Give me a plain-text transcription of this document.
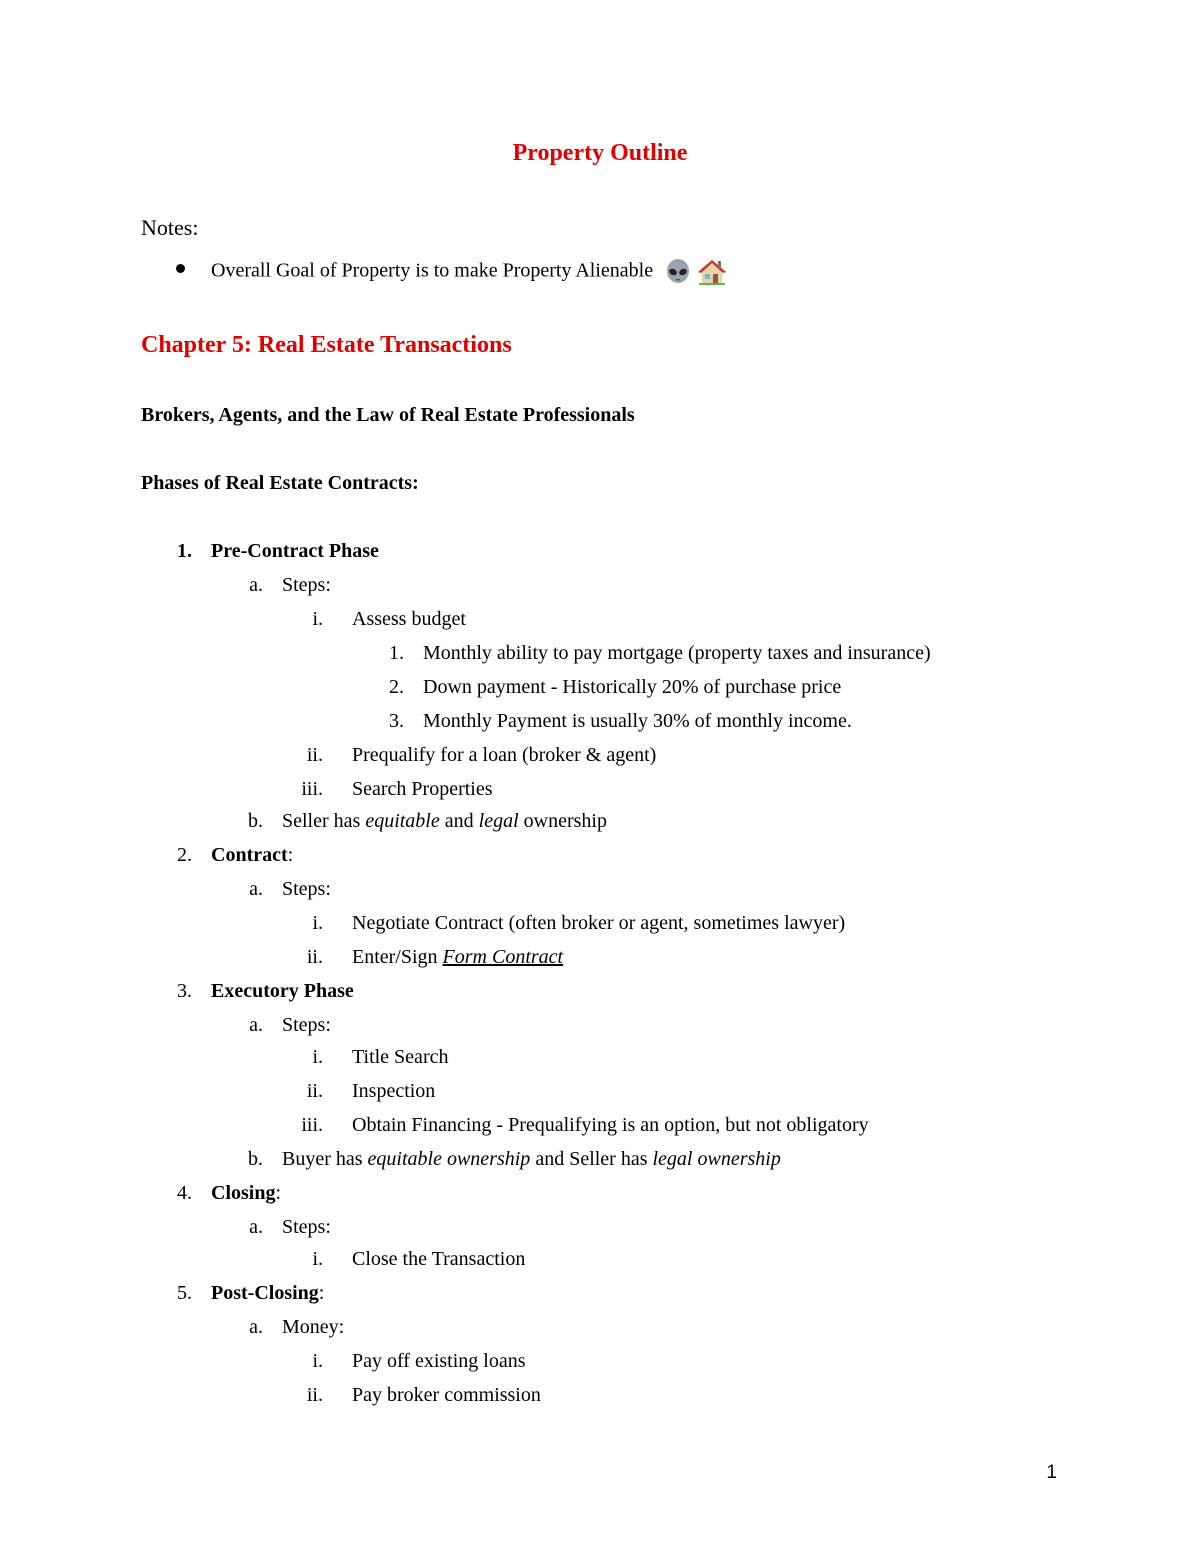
Property Outline
Notes:
Overall Goal of Property is to make Property Alienable
Chapter 5: Real Estate Transactions
Brokers, Agents, and the Law of Real Estate Professionals
Phases of Real Estate Contracts:
1. Pre-Contract Phase
a. Steps:
i. Assess budget
1. Monthly ability to pay mortgage (property taxes and insurance)
2. Down payment - Historically 20% of purchase price
3. Monthly Payment is usually 30% of monthly income.
ii. Prequalify for a loan (broker & agent)
iii. Search Properties
b. Seller has equitable and legal ownership
2. Contract:
a. Steps:
i. Negotiate Contract (often broker or agent, sometimes lawyer)
ii. Enter/Sign Form Contract
3. Executory Phase
a. Steps:
i. Title Search
ii. Inspection
iii. Obtain Financing - Prequalifying is an option, but not obligatory
b. Buyer has equitable ownership and Seller has legal ownership
4. Closing:
a. Steps:
i. Close the Transaction
5. Post-Closing:
a. Money:
i. Pay off existing loans
ii. Pay broker commission
1
